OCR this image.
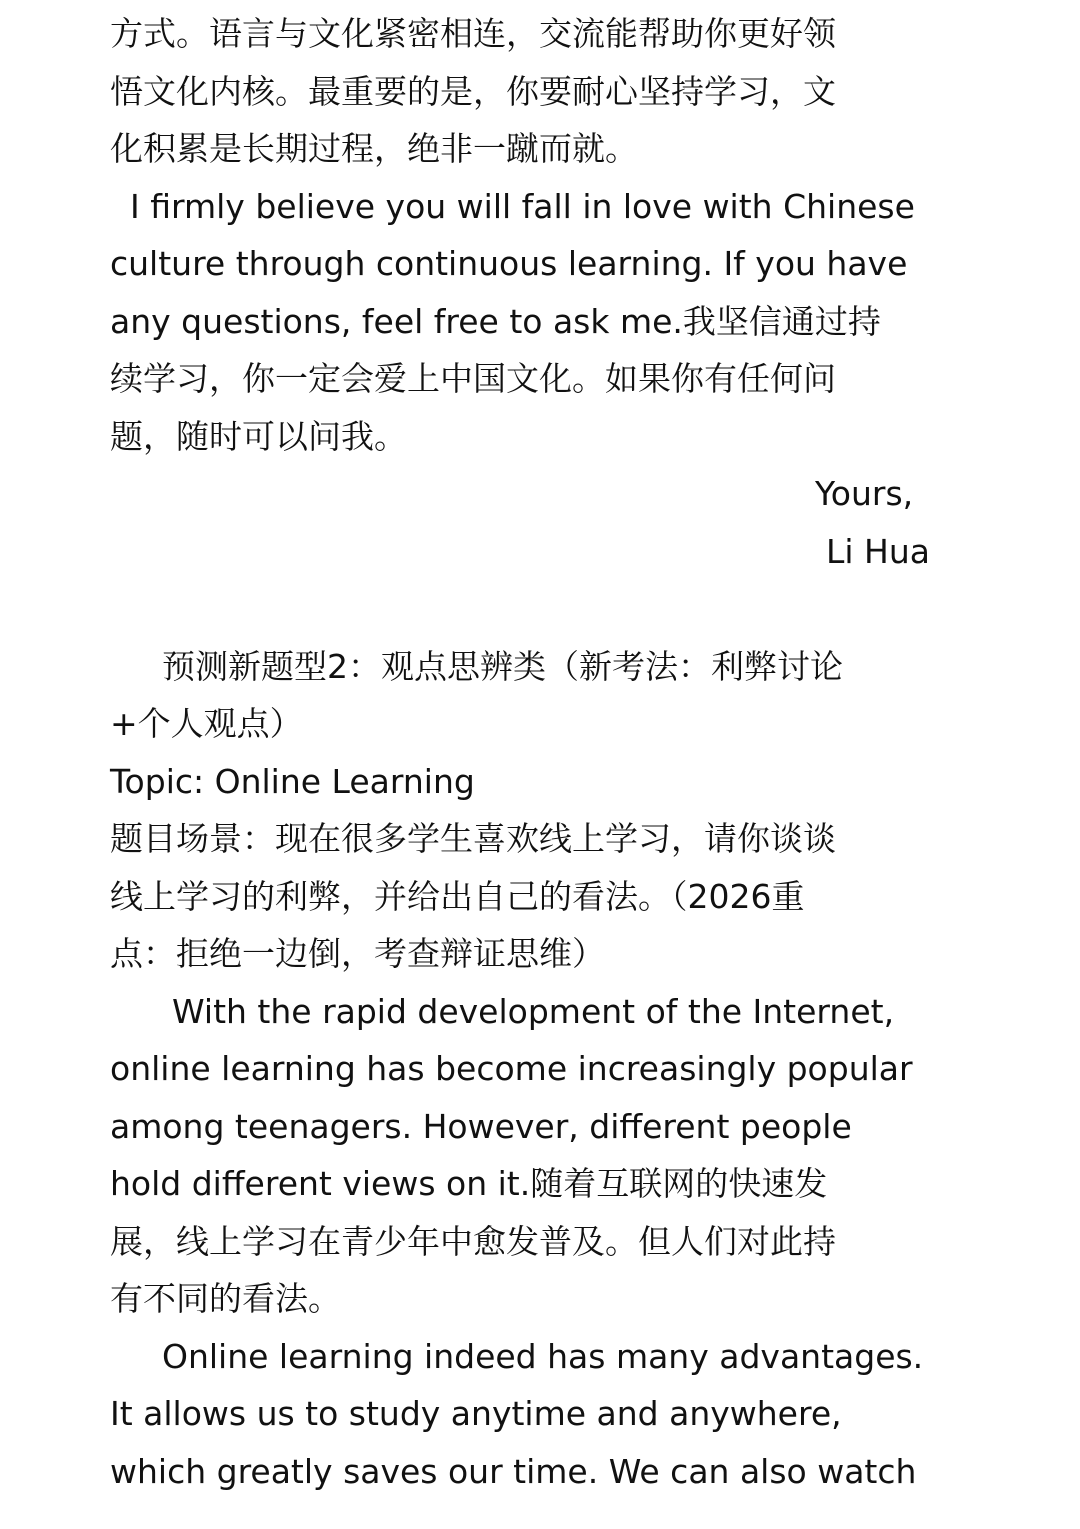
方式。语言与文化紧密相连，交流能帮助你更好领

悟文化内核。最重要的是，你要耐心坚持学习，文

化积累是长期过程，绝非一蹴而就。

I firmly believe you will fall in love with Chinese

culture through continuous learning. If you have

any questions, feel free to ask me.我坚信通过持

续学习，你一定会爱上中国文化。如果你有任何问

题，随时可以问我。

Yours,

Li Hua

预测新题型2：观点思辨类（新考法：利弊讨论

+个人观点）

Topic: Online Learning

题目场景：现在很多学生喜欢线上学习，请你谈谈

线上学习的利弊，并给出自己的看法。（2026重

点：拒绝一边倒，考查辩证思维）

With the rapid development of the Internet,

online learning has become increasingly popular

among teenagers. However, different people

hold different views on it.随着互联网的快速发

展，线上学习在青少年中愈发普及。但人们对此持

有不同的看法。

Online learning indeed has many advantages.

It allows us to study anytime and anywhere,

which greatly saves our time. We can also watch
